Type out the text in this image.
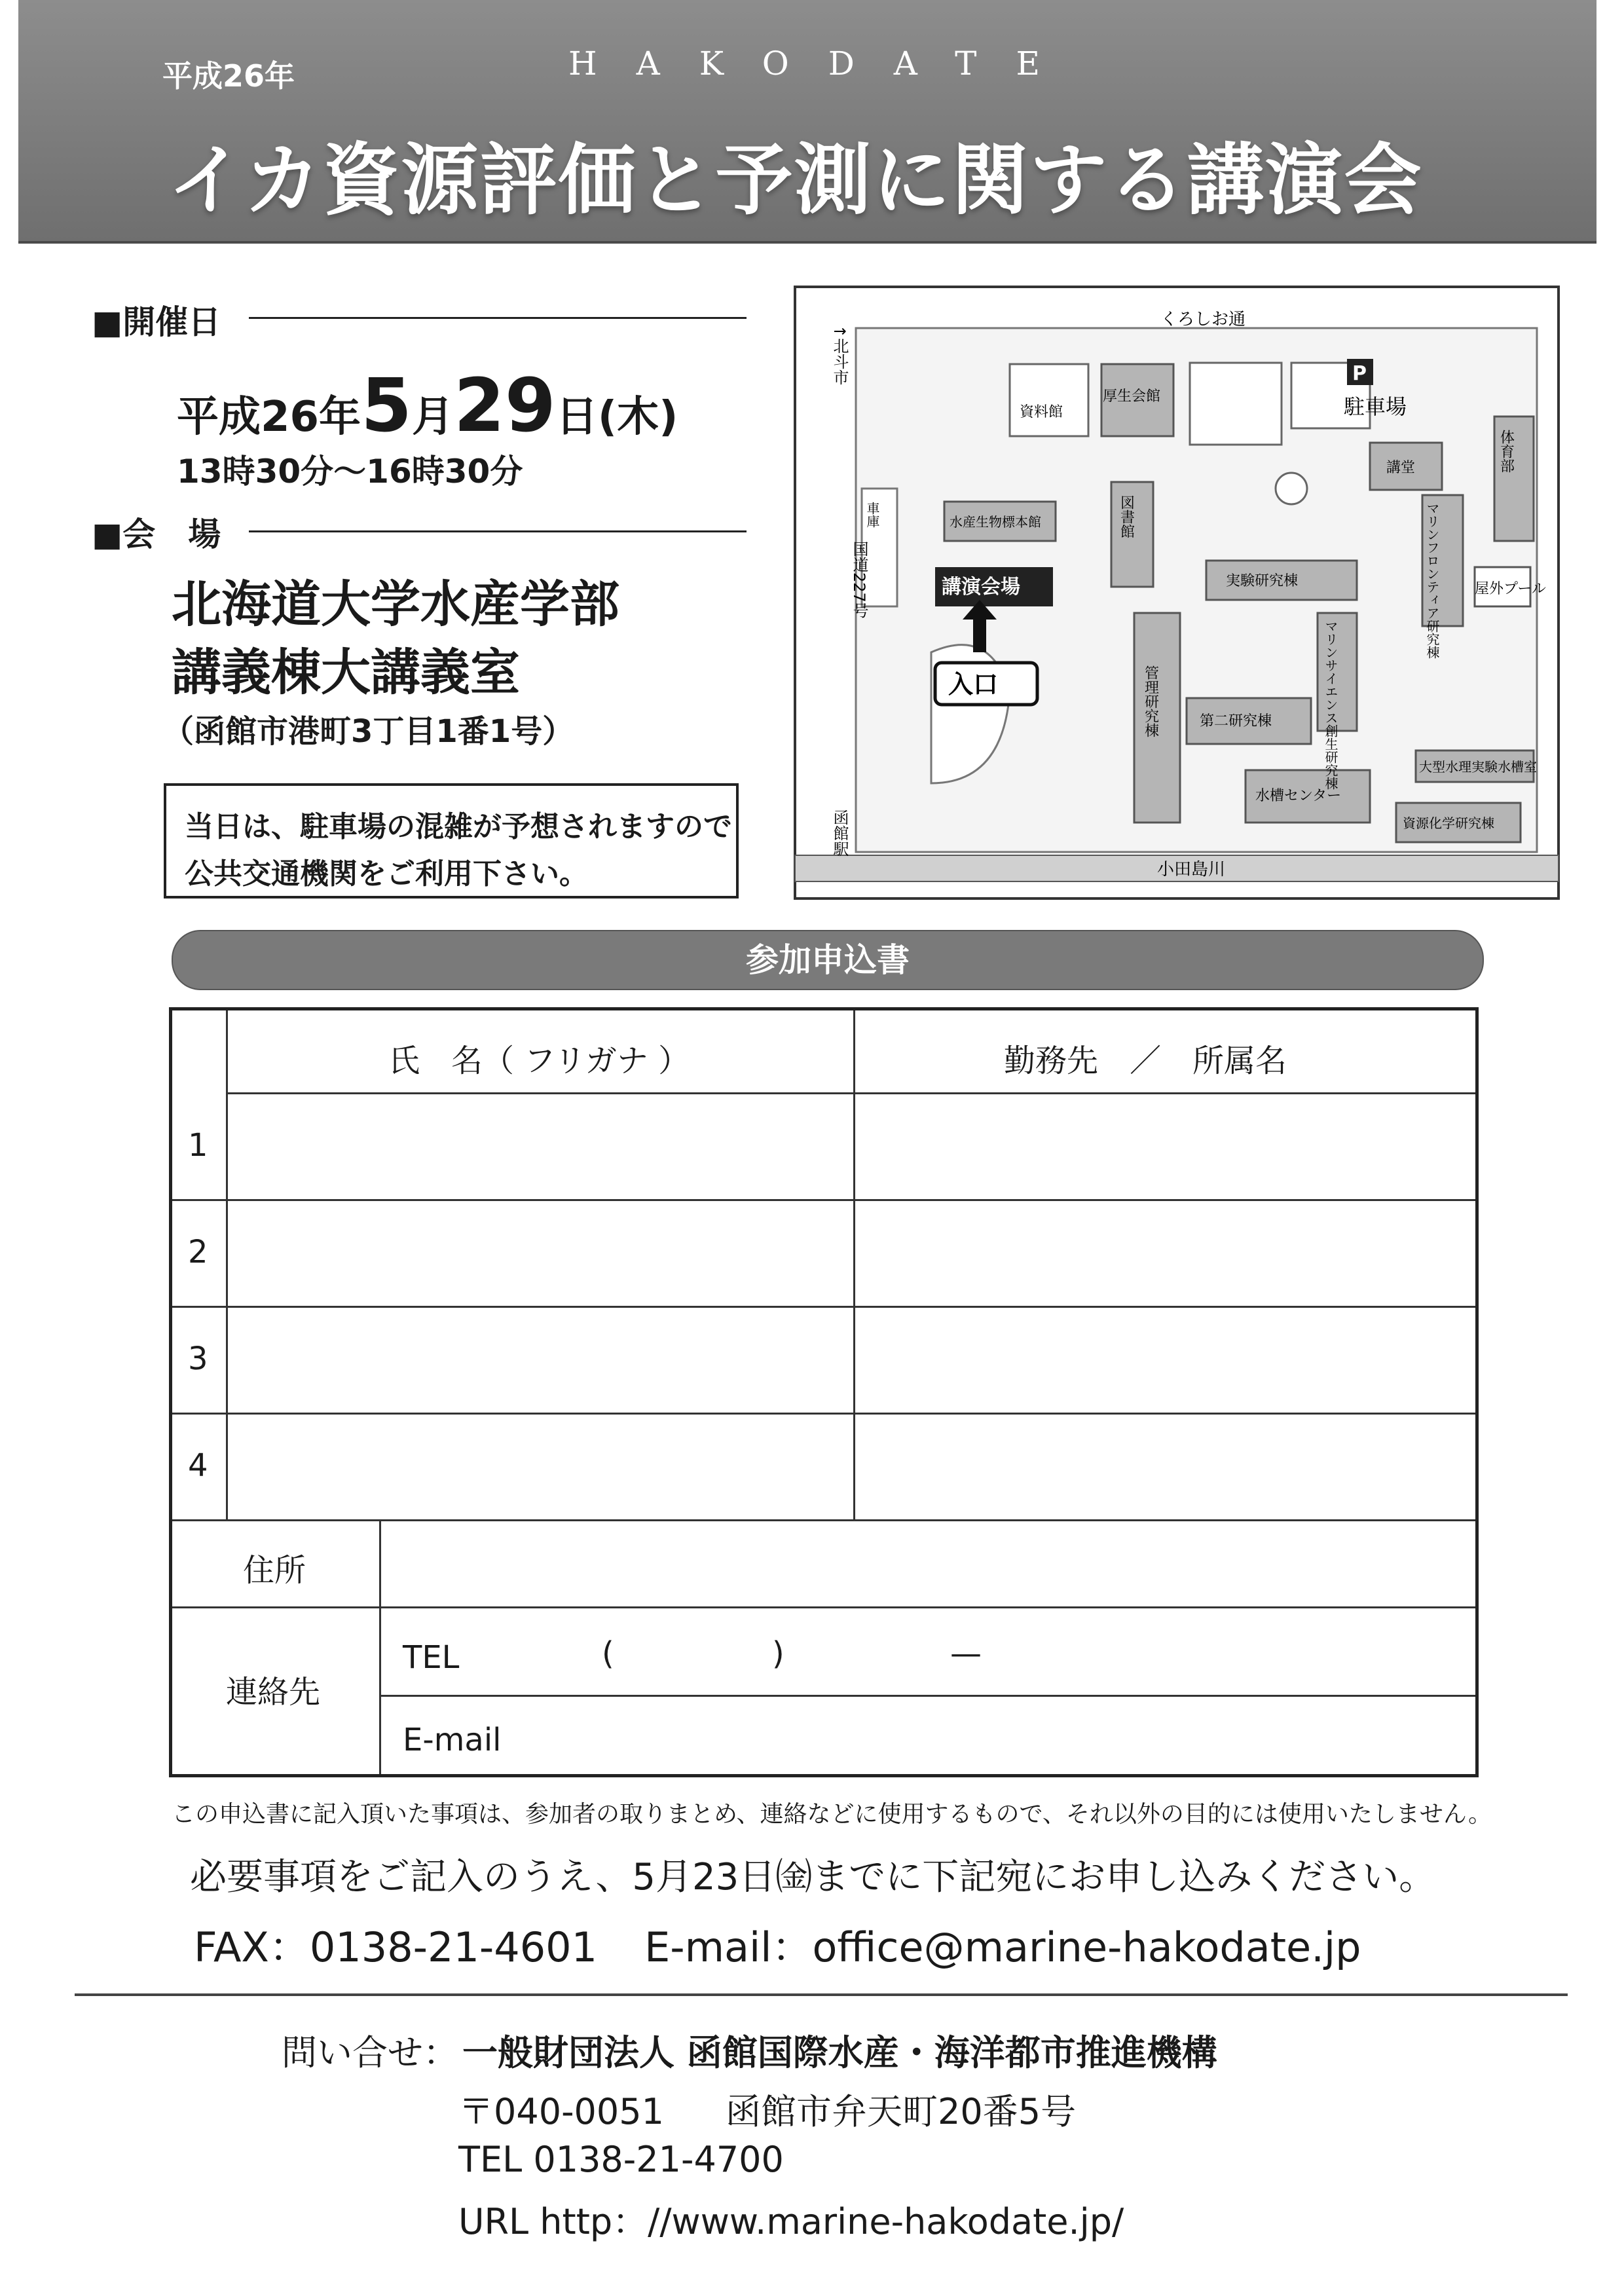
平成26年	HAKODATE
イカ資源評価と予測に関する講演会
■開催日
平成26年5月29日(木)
13時30分〜16時30分
■会　場
北海道大学水産学部
講義棟大講義室
（函館市港町3丁目1番1号）
当日は、駐車場の混雑が予想されますので
公共交通機関をご利用下さい。
↑北斗市
くろしお通
P
駐車場
資料館
厚生会館
講堂	体育部
国道227号
車庫	水産生物標本館	図書館	マリンフロンティア研究棟
講演会場	実験研究棟
マリンサイエンス創生研究棟
屋外プール
入口	管理研究棟	第二研究棟
大型水理実験水槽室
函館駅
水槽センター
資源化学研究棟
小田島川
参加申込書
氏　名（ フリガナ ）	勤務先　／　所属名
1
2
3
4
住所
連絡先
TEL	(	)	—
E-mail
この申込書に記入頂いた事項は、参加者の取りまとめ、連絡などに使用するもので、それ以外の目的には使用いたしません。
必要事項をご記入のうえ、5月23日㈮までに下記宛にお申し込みください。
FAX：0138-21-4601 E-mail：office@marine-hakodate.jp
問い合せ： 一般財団法人 函館国際水産・海洋都市推進機構
〒040-0051 函館市弁天町20番5号
TEL 0138-21-4700
URL http：//www.marine-hakodate.jp/
